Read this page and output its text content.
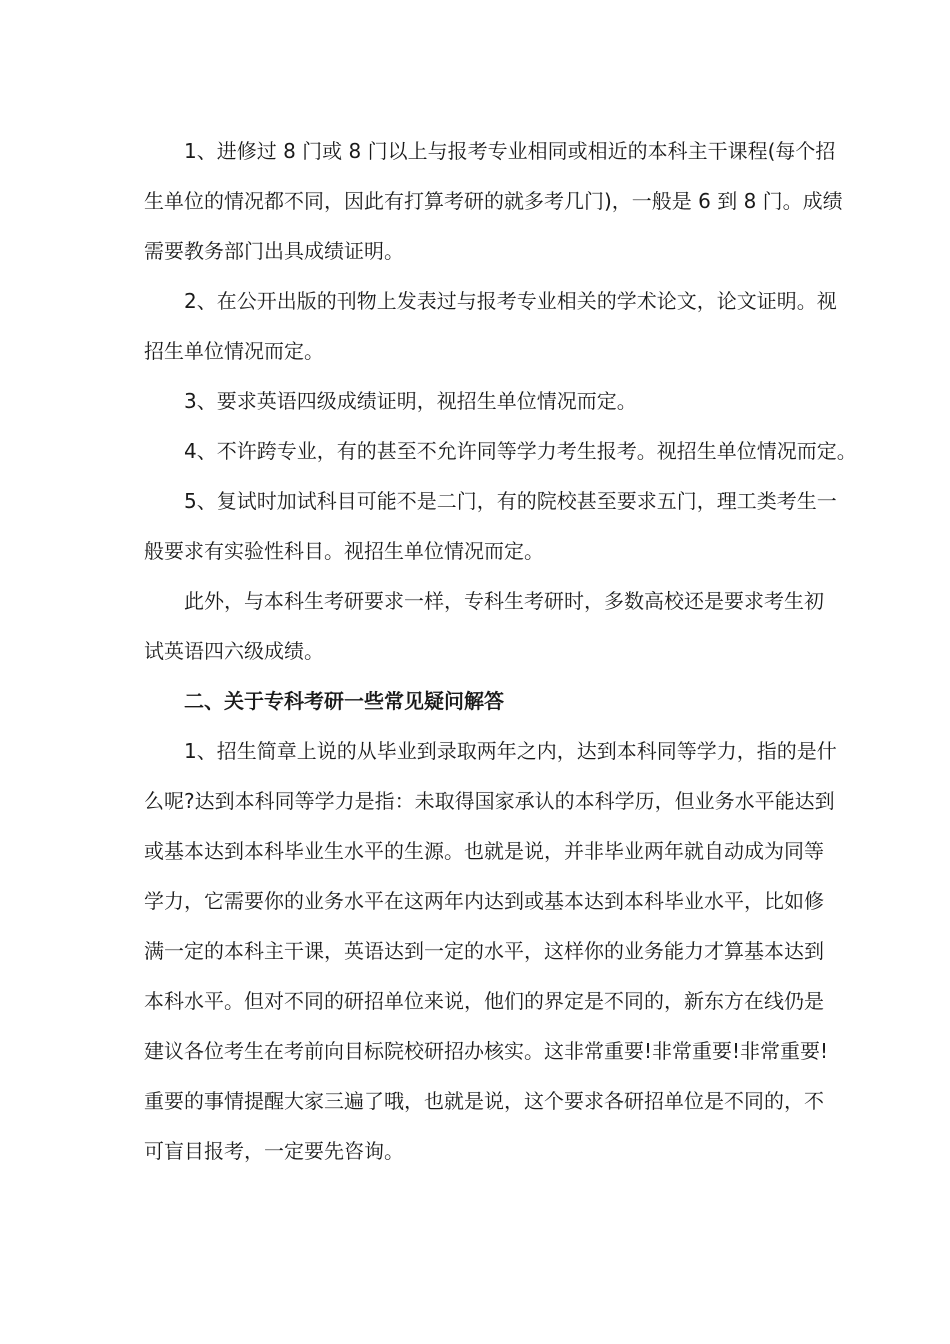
1、进修过 8 门或 8 门以上与报考专业相同或相近的本科主干课程(每个招
生单位的情况都不同，因此有打算考研的就多考几门)，一般是 6 到 8 门。成绩
需要教务部门出具成绩证明。
2、在公开出版的刊物上发表过与报考专业相关的学术论文，论文证明。视
招生单位情况而定。
3、要求英语四级成绩证明，视招生单位情况而定。
4、不许跨专业，有的甚至不允许同等学力考生报考。视招生单位情况而定。
5、复试时加试科目可能不是二门，有的院校甚至要求五门，理工类考生一
般要求有实验性科目。视招生单位情况而定。
此外，与本科生考研要求一样，专科生考研时，多数高校还是要求考生初
试英语四六级成绩。
二、关于专科考研一些常见疑问解答
1、招生简章上说的从毕业到录取两年之内，达到本科同等学力，指的是什
么呢?达到本科同等学力是指：未取得国家承认的本科学历，但业务水平能达到
或基本达到本科毕业生水平的生源。也就是说，并非毕业两年就自动成为同等
学力，它需要你的业务水平在这两年内达到或基本达到本科毕业水平，比如修
满一定的本科主干课，英语达到一定的水平，这样你的业务能力才算基本达到
本科水平。但对不同的研招单位来说，他们的界定是不同的，新东方在线仍是
建议各位考生在考前向目标院校研招办核实。这非常重要!非常重要!非常重要!
重要的事情提醒大家三遍了哦，也就是说，这个要求各研招单位是不同的，不
可盲目报考，一定要先咨询。
